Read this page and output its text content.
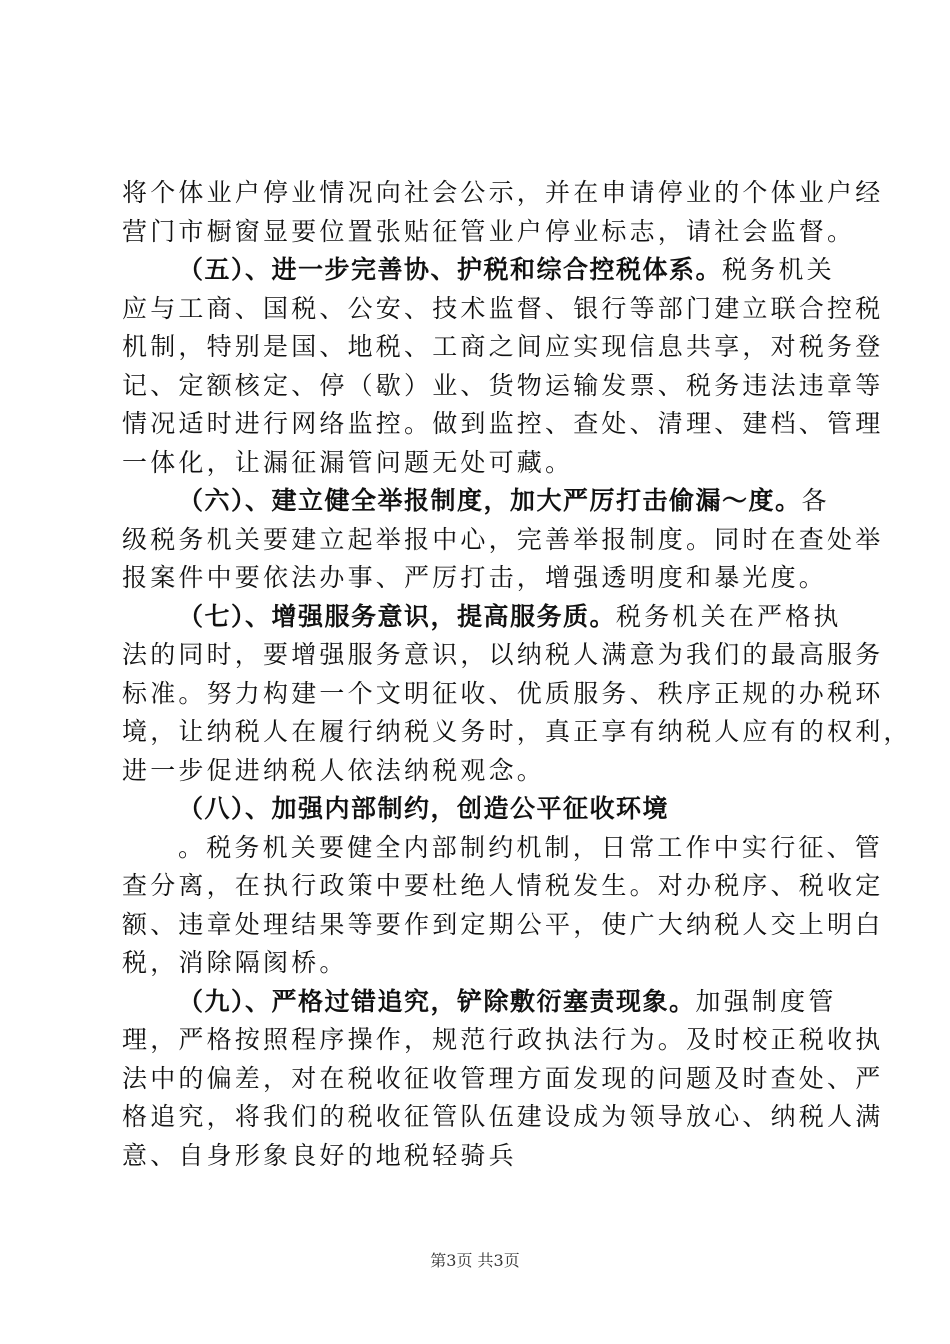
将个体业户停业情况向社会公示，并在申请停业的个体业户经
营门市橱窗显要位置张贴征管业户停业标志，请社会监督。
（五）、进一步完善协、护税和综合控税体系。税务机关
应与工商、国税、公安、技术监督、银行等部门建立联合控税
机制，特别是国、地税、工商之间应实现信息共享，对税务登
记、定额核定、停（歇）业、货物运输发票、税务违法违章等
情况适时进行网络监控。做到监控、查处、清理、建档、管理
一体化，让漏征漏管问题无处可藏。
（六）、建立健全举报制度，加大严厉打击偷漏～度。各
级税务机关要建立起举报中心，完善举报制度。同时在查处举
报案件中要依法办事、严厉打击，增强透明度和暴光度。
（七）、增强服务意识，提高服务质。税务机关在严格执
法的同时，要增强服务意识，以纳税人满意为我们的最高服务
标准。努力构建一个文明征收、优质服务、秩序正规的办税环
境，让纳税人在履行纳税义务时，真正享有纳税人应有的权利，
进一步促进纳税人依法纳税观念。
（八）、加强内部制约，创造公平征收环境
。税务机关要健全内部制约机制，日常工作中实行征、管
查分离，在执行政策中要杜绝人情税发生。对办税序、税收定
额、违章处理结果等要作到定期公平，使广大纳税人交上明白
税，消除隔阂桥。
（九）、严格过错追究，铲除敷衍塞责现象。加强制度管
理，严格按照程序操作，规范行政执法行为。及时校正税收执
法中的偏差，对在税收征收管理方面发现的问题及时查处、严
格追究，将我们的税收征管队伍建设成为领导放心、纳税人满
意、自身形象良好的地税轻骑兵
第3页 共3页
